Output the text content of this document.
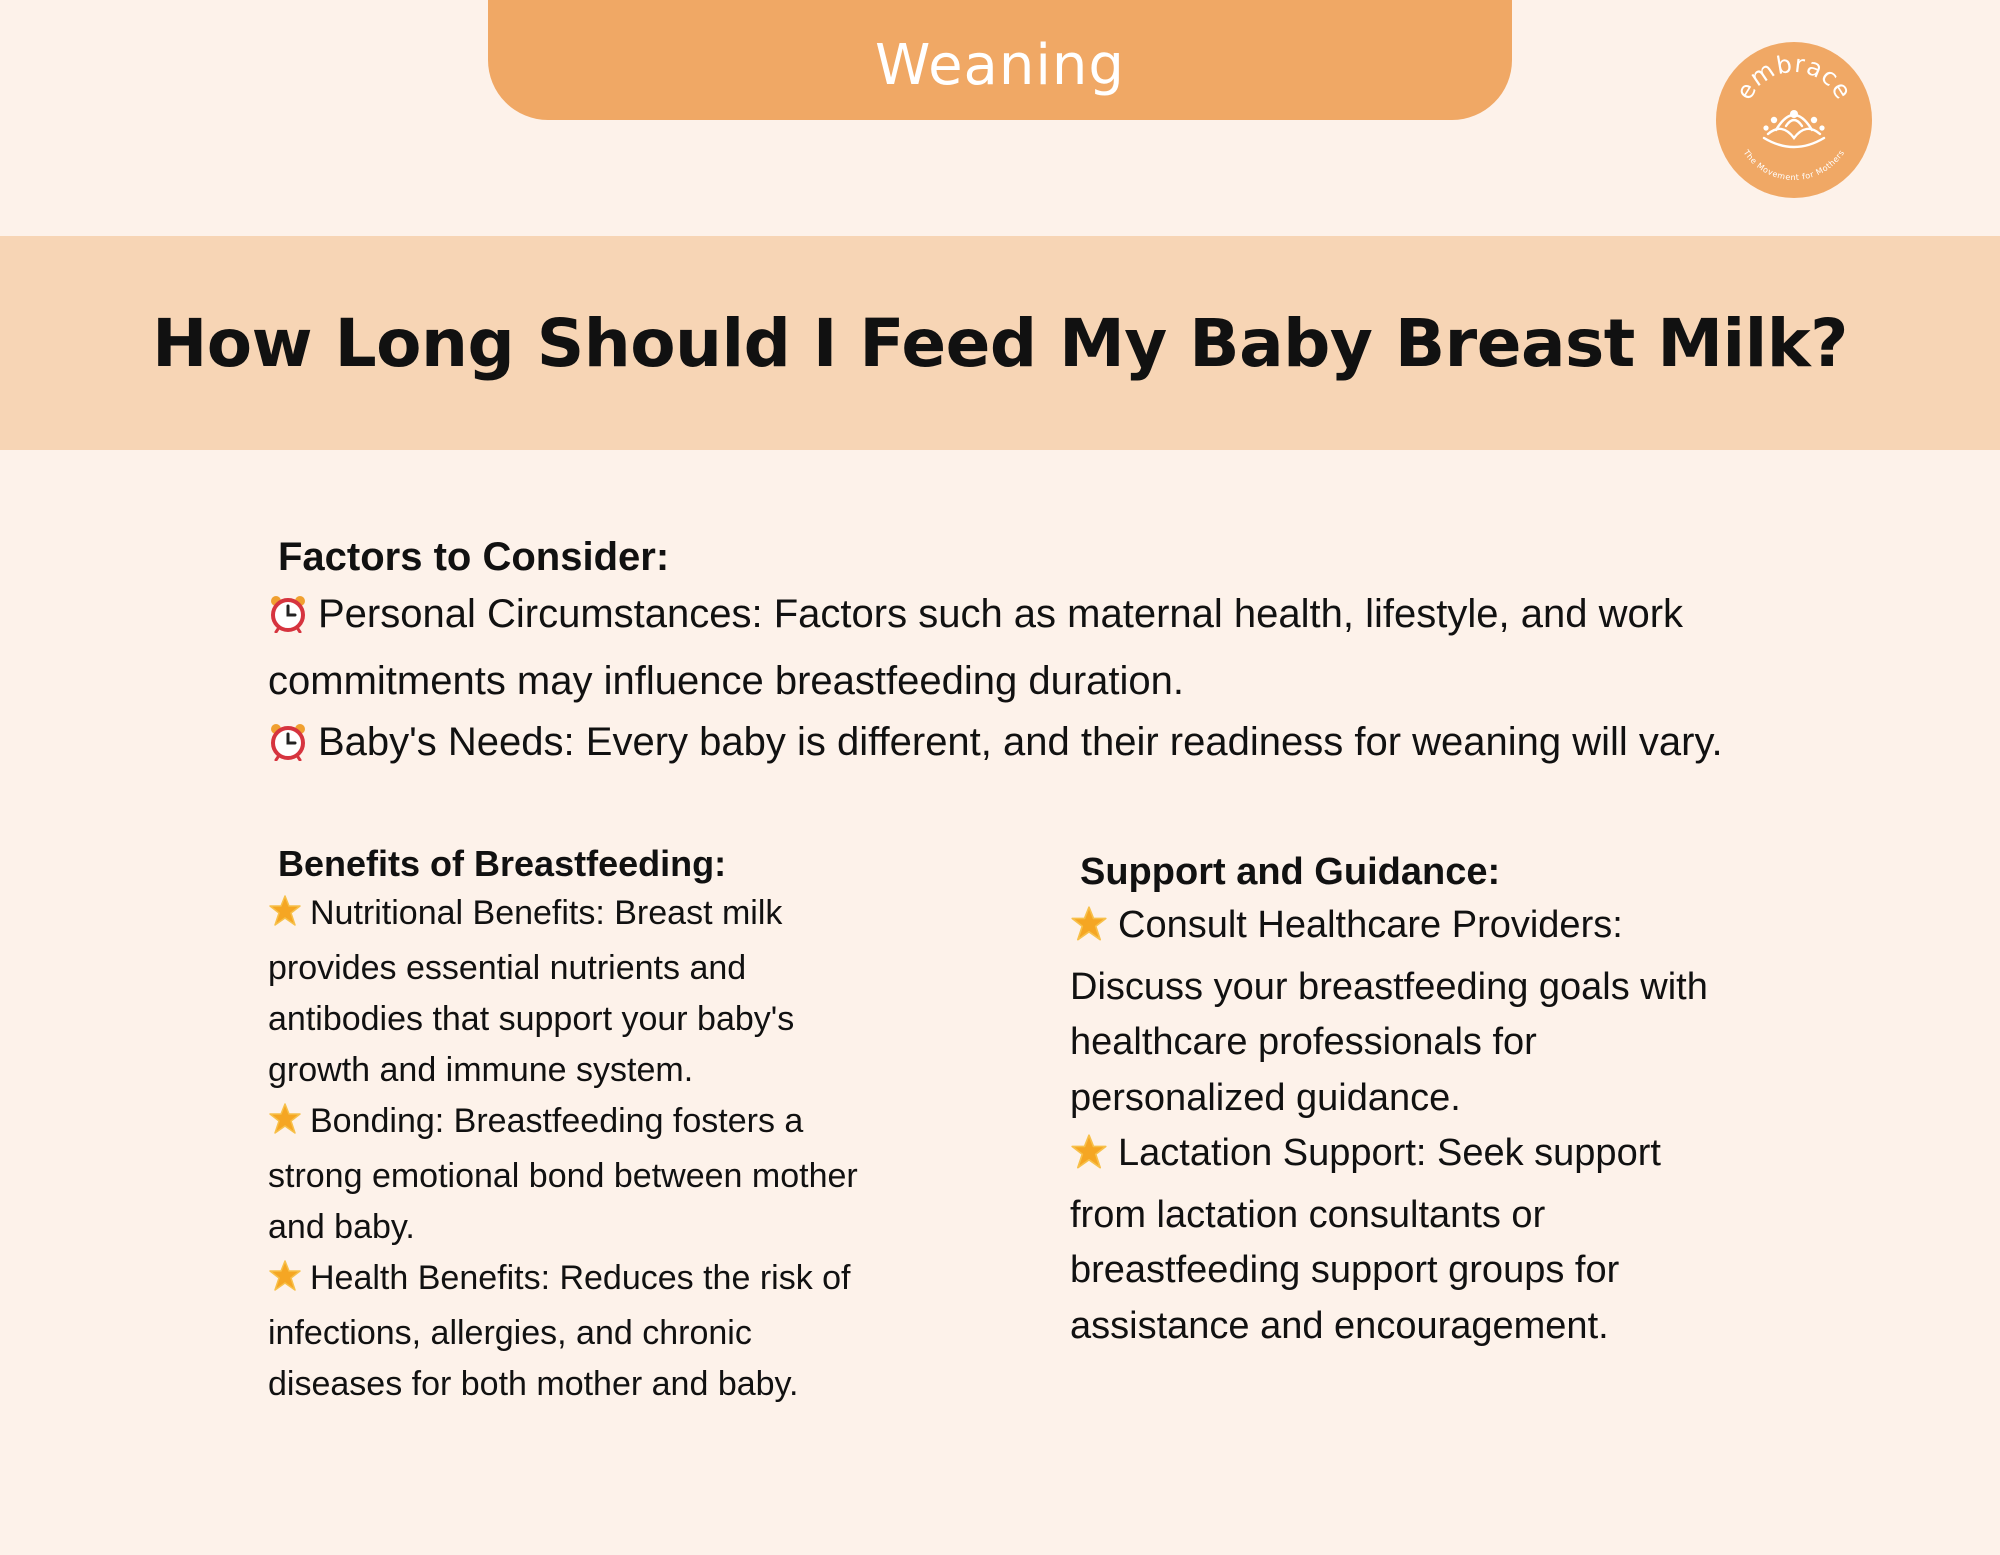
Weaning	embrace
The Movement for Mothers
How Long Should I Feed My Baby Breast Milk?
Factors to Consider:

Personal Circumstances: Factors such as maternal health, lifestyle, and work
commitments may influence breastfeeding duration.

Baby's Needs: Every baby is different, and their readiness for weaning will vary.

Benefits of Breastfeeding:

Nutritional Benefits: Breast milk
provides essential nutrients and
antibodies that support your baby's
growth and immune system.

Bonding: Breastfeeding fosters a
strong emotional bond between mother
and baby.

Health Benefits: Reduces the risk of
infections, allergies, and chronic
diseases for both mother and baby.

Support and Guidance:

Consult Healthcare Providers:
Discuss your breastfeeding goals with
healthcare professionals for
personalized guidance.

Lactation Support: Seek support
from lactation consultants or
breastfeeding support groups for
assistance and encouragement.
